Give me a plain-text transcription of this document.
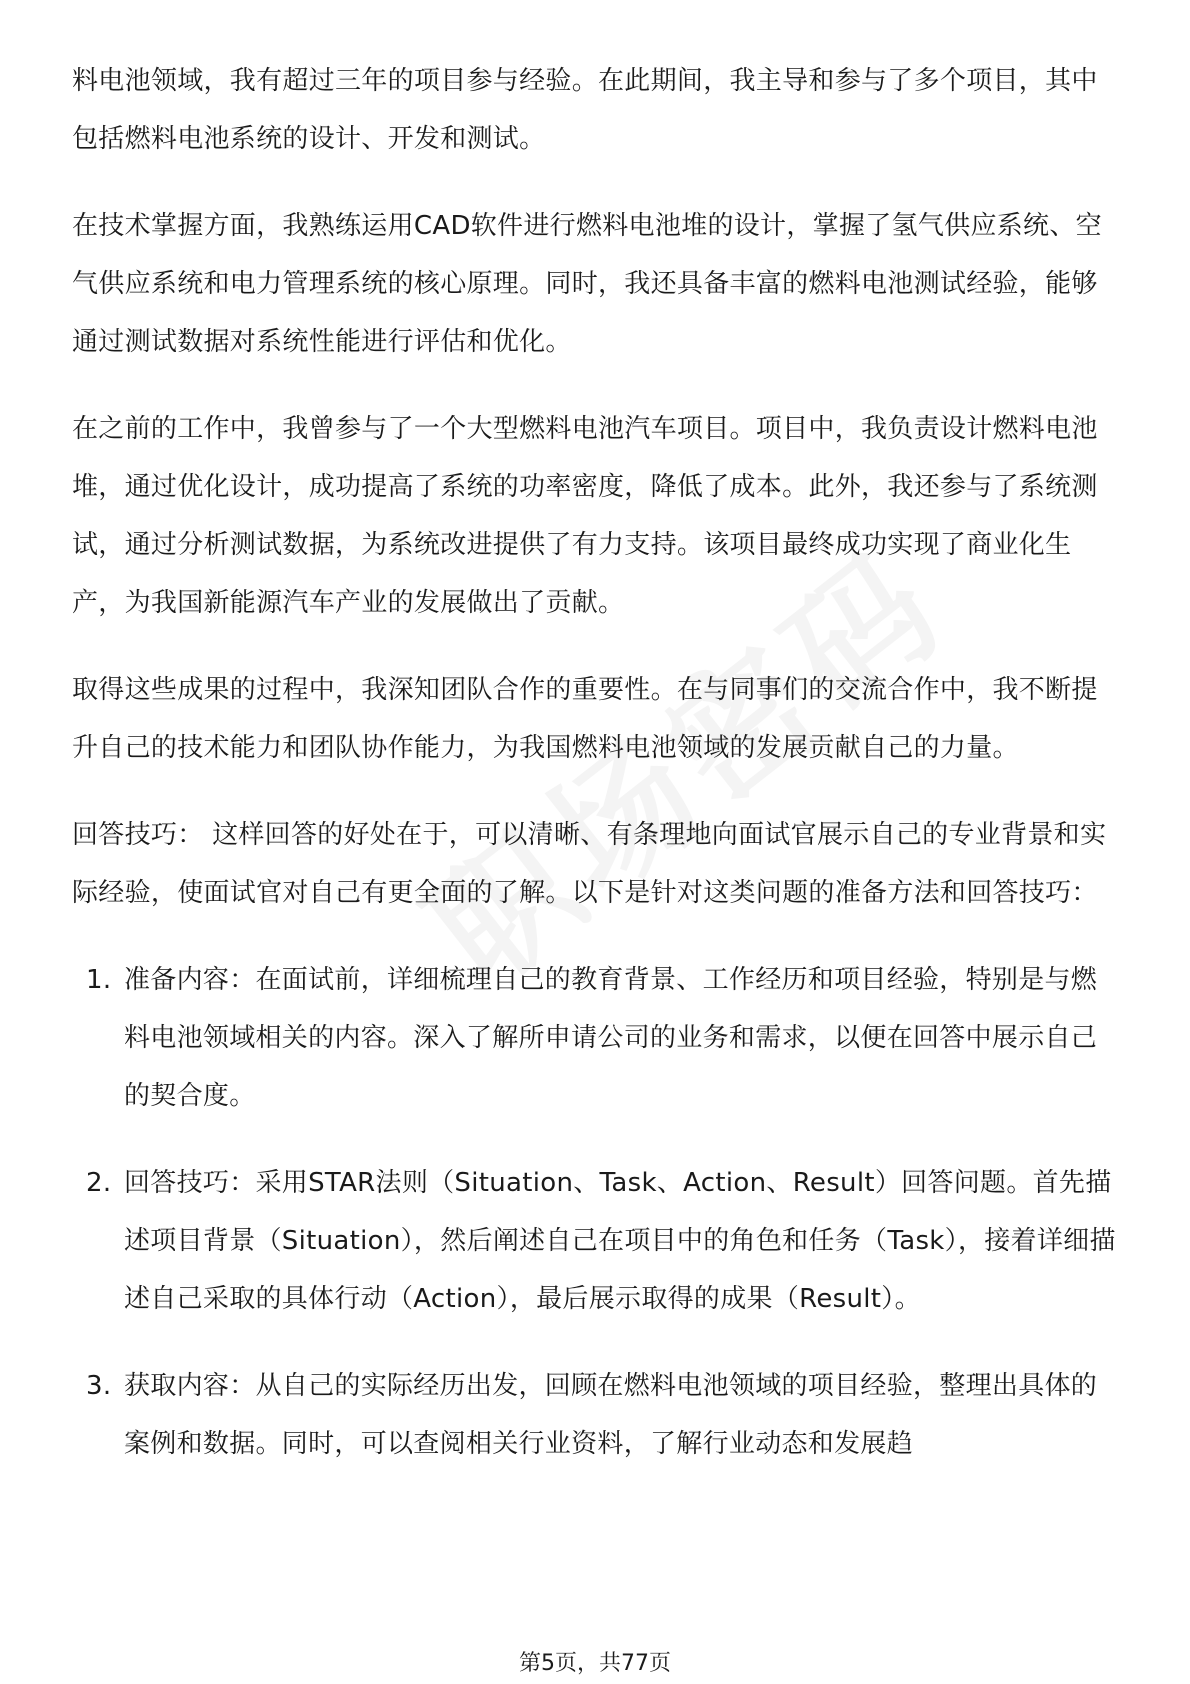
料电池领域，我有超过三年的项目参与经验。在此期间，我主导和参与了多个项目，其中包括燃料电池系统的设计、开发和测试。

在技术掌握方面，我熟练运用CAD软件进行燃料电池堆的设计，掌握了氢气供应系统、空气供应系统和电力管理系统的核心原理。同时，我还具备丰富的燃料电池测试经验，能够通过测试数据对系统性能进行评估和优化。

在之前的工作中，我曾参与了一个大型燃料电池汽车项目。项目中，我负责设计燃料电池堆，通过优化设计，成功提高了系统的功率密度，降低了成本。此外，我还参与了系统测试，通过分析测试数据，为系统改进提供了有力支持。该项目最终成功实现了商业化生产，为我国新能源汽车产业的发展做出了贡献。

取得这些成果的过程中，我深知团队合作的重要性。在与同事们的交流合作中，我不断提升自己的技术能力和团队协作能力，为我国燃料电池领域的发展贡献自己的力量。

回答技巧： 这样回答的好处在于，可以清晰、有条理地向面试官展示自己的专业背景和实际经验，使面试官对自己有更全面的了解。以下是针对这类问题的准备方法和回答技巧：

1. 准备内容：在面试前，详细梳理自己的教育背景、工作经历和项目经验，特别是与燃料电池领域相关的内容。深入了解所申请公司的业务和需求，以便在回答中展示自己的契合度。
2. 回答技巧：采用STAR法则（Situation、Task、Action、Result）回答问题。首先描述项目背景（Situation），然后阐述自己在项目中的角色和任务（Task），接着详细描述自己采取的具体行动（Action），最后展示取得的成果（Result）。
3. 获取内容：从自己的实际经历出发，回顾在燃料电池领域的项目经验，整理出具体的案例和数据。同时，可以查阅相关行业资料，了解行业动态和发展趋
第5页，共77页
